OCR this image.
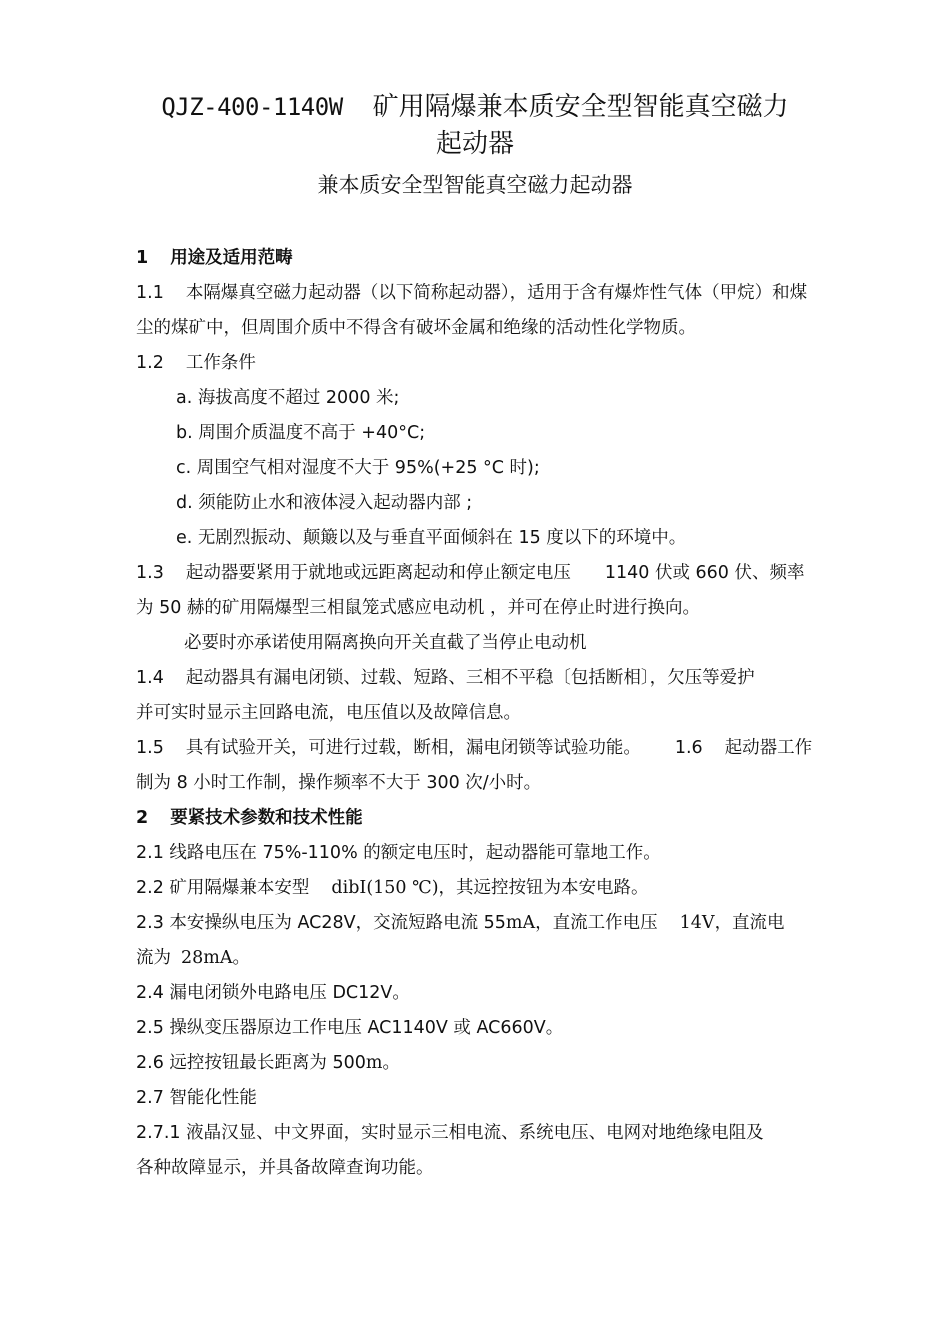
QJZ-400-1140W 矿用隔爆兼本质安全型智能真空磁力
起动器
兼本质安全型智能真空磁力起动器
1 用途及适用范畴
1.1 本隔爆真空磁力起动器（以下简称起动器），适用于含有爆炸性气体（甲烷）和煤
尘的煤矿中，但周围介质中不得含有破坏金属和绝缘的活动性化学物质。
1.2 工作条件
a. 海拔高度不超过 2000 米;
b. 周围介质温度不高于 +40°C;
c. 周围空气相对湿度不大于 95%(+25 °C 时);
d. 须能防止水和液体浸入起动器内部 ;
e. 无剧烈振动、颠簸以及与垂直平面倾斜在 15 度以下的环境中。
1.3 起动器要紧用于就地或远距离起动和停止额定电压 1140 伏或 660 伏、频率
为 50 赫的矿用隔爆型三相鼠笼式感应电动机 ，并可在停止时进行换向。
必要时亦承诺使用隔离换向开关直截了当停止电动机
1.4 起动器具有漏电闭锁、过载、短路、三相不平稳〔包括断相〕，欠压等爱护
并可实时显示主回路电流，电压值以及故障信息。
1.5 具有试验开关，可进行过载，断相，漏电闭锁等试验功能。 1.6 起动器工作
制为 8 小时工作制，操作频率不大于 300 次/小时。
2 要紧技术参数和技术性能
2.1 线路电压在 75%-110% 的额定电压时，起动器能可靠地工作。
2.2 矿用隔爆兼本安型 dibI(150 ℃)，其远控按钮为本安电路。
2.3 本安操纵电压为 AC28V，交流短路电流 55mA，直流工作电压 14V，直流电
流为 28mA。
2.4 漏电闭锁外电路电压 DC12V。
2.5 操纵变压器原边工作电压 AC1140V 或 AC660V。
2.6 远控按钮最长距离为 500m。
2.7 智能化性能
2.7.1 液晶汉显、中文界面，实时显示三相电流、系统电压、电网对地绝缘电阻及
各种故障显示，并具备故障查询功能。
